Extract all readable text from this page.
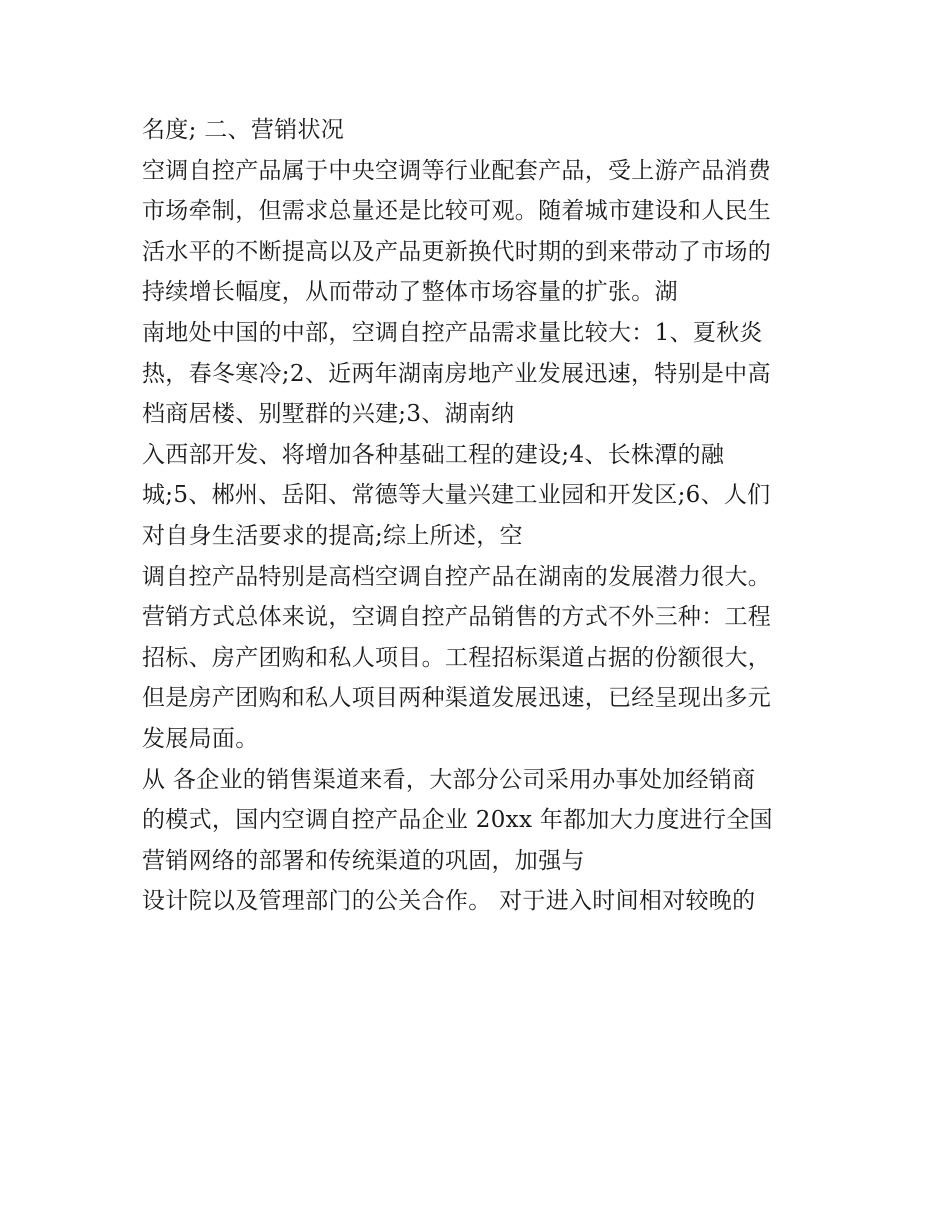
名度; 二、营销状况
空调自控产品属于中央空调等行业配套产品，受上游产品消费
市场牵制，但需求总量还是比较可观。随着城市建设和人民生
活水平的不断提高以及产品更新换代时期的到来带动了市场的
持续增长幅度，从而带动了整体市场容量的扩张。湖
南地处中国的中部，空调自控产品需求量比较大：1、夏秋炎
热，春冬寒冷;2、近两年湖南房地产业发展迅速，特别是中高
档商居楼、别墅群的兴建;3、湖南纳
入西部开发、将增加各种基础工程的建设;4、长株潭的融
城;5、郴州、岳阳、常德等大量兴建工业园和开发区;6、人们
对自身生活要求的提高;综上所述，空
调自控产品特别是高档空调自控产品在湖南的发展潜力很大。
营销方式总体来说，空调自控产品销售的方式不外三种：工程
招标、房产团购和私人项目。工程招标渠道占据的份额很大，
但是房产团购和私人项目两种渠道发展迅速，已经呈现出多元
发展局面。
从 各企业的销售渠道来看，大部分公司采用办事处加经销商
的模式，国内空调自控产品企业 20xx 年都加大力度进行全国
营销网络的部署和传统渠道的巩固，加强与
设计院以及管理部门的公关合作。 对于进入时间相对较晚的
